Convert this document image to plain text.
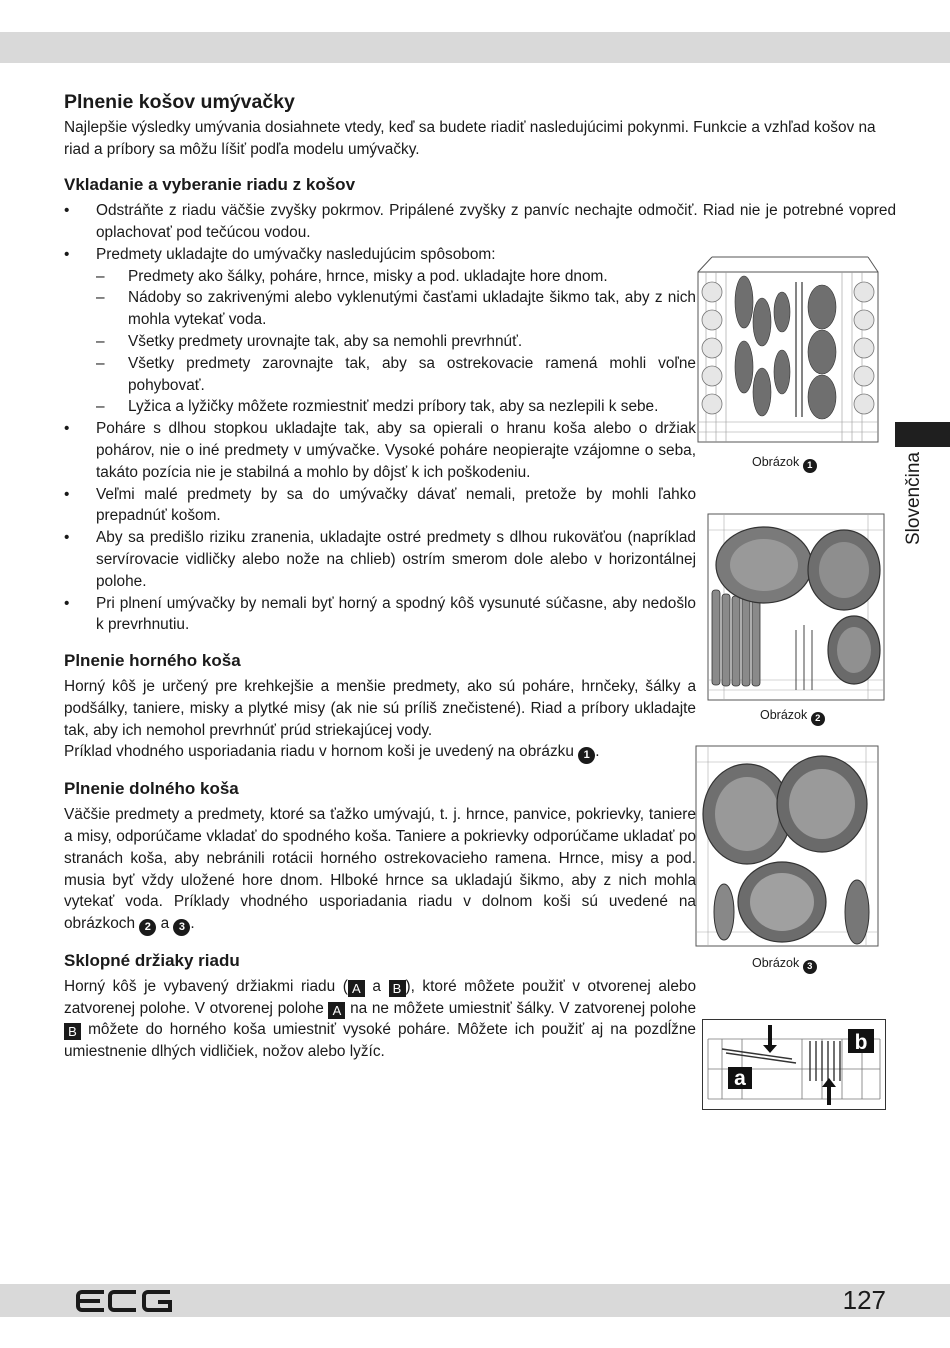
Slovenčina
Plnenie košov umývačky

Najlepšie výsledky umývania dosiahnete vtedy, keď sa budete riadiť nasledujúcimi pokynmi. Funkcie a vzhľad košov na riad a príbory sa môžu líšiť podľa modelu umývačky.

Vkladanie a vyberanie riadu z košov
• Odstráňte z riadu väčšie zvyšky pokrmov. Pripálené zvyšky z panvíc nechajte odmočiť. Riad nie je potrebné vopred oplachovať pod tečúcou vodou.
• Predmety ukladajte do umývačky nasledujúcim spôsobom:
– Predmety ako šálky, poháre, hrnce, misky a pod. ukladajte hore dnom.
– Nádoby so zakrivenými alebo vyklenutými časťami ukladajte šikmo tak, aby z nich mohla vytekať voda.
– Všetky predmety urovnajte tak, aby sa nemohli prevrhnúť.
– Všetky predmety zarovnajte tak, aby sa ostrekovacie ramená mohli voľne pohybovať.
– Lyžica a lyžičky môžete rozmiestniť medzi príbory tak, aby sa nezlepili k sebe.
• Poháre s dlhou stopkou ukladajte tak, aby sa opierali o hranu koša alebo o držiak pohárov, nie o iné predmety v umývačke. Vysoké poháre neopierajte vzájomne o seba, takáto pozícia nie je stabilná a mohlo by dôjsť k ich poškodeniu.
• Veľmi malé predmety by sa do umývačky dávať nemali, pretože by mohli ľahko prepadnúť košom.
• Aby sa predišlo riziku zranenia, ukladajte ostré predmety s dlhou rukoväťou (napríklad servírovacie vidličky alebo nože na chlieb) ostrím smerom dole alebo v horizontálnej polohe.
• Pri plnení umývačky by nemali byť horný a spodný kôš vysunuté súčasne, aby nedošlo k prevrhnutiu.
Plnenie horného koša

Horný kôš je určený pre krehkejšie a menšie predmety, ako sú poháre, hrnčeky, šálky a podšálky, taniere, misky a plytké misy (ak nie sú príliš znečistené). Riad a príbory ukladajte tak, aby ich nemohol prevrhnúť prúd striekajúcej vody.
Príklad vhodného usporiadania riadu v hornom koši je uvedený na obrázku 1 .

Plnenie dolného koša

Väčšie predmety a predmety, ktoré sa ťažko umývajú, t. j. hrnce, panvice, pokrievky, taniere a misy, odporúčame vkladať do spodného koša. Taniere a pokrievky odporúčame ukladať po stranách koša, aby nebránili rotácii horného ostrekovacieho ramena. Hrnce, misy a pod. musia byť vždy uložené hore dnom. Hlboké hrnce sa ukladajú šikmo, aby z nich mohla vytekať voda. Príklady vhodného usporiadania riadu v dolnom koši sú uvedené na obrázkoch 2 a 3 .

Sklopné držiaky riadu

Horný kôš je vybavený držiakmi riadu ( A a B ), ktoré môžete použiť v otvorenej alebo zatvorenej polohe. V otvorenej polohe A na ne môžete umiestniť šálky. V zatvorenej polohe B môžete do horného koša umiestniť vysoké poháre. Môžete ich použiť aj na pozdĺžne umiestnenie dlhých vidličiek, nožov alebo lyžíc.

Obrázok 1
Obrázok 2
Obrázok 3
b
a
127
